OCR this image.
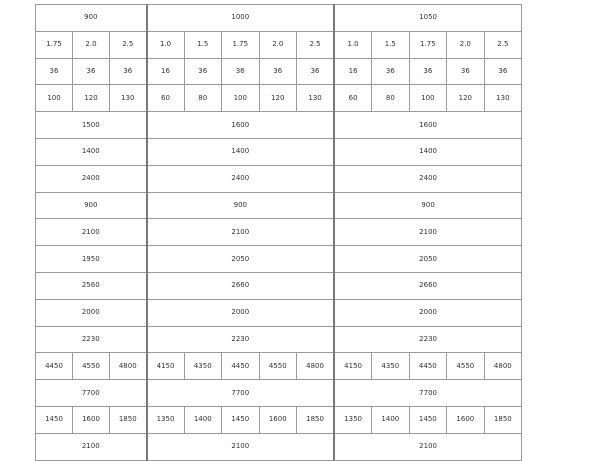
900			1000					1050				
1.75	2.0	2.5	1.0	1.5	1.75	2.0	2.5	1.0	1.5	1.75	2.0	2.5
36	36	36	16	36	36	36	36	16	36	36	36	36
100	120	130	60	80	100	120	130	60	80	100	120	130
1500			1600					1600				
1400			1400					1400				
2400			2400					2400				
900			900					900				
2100			2100					2100				
1950			2050					2050				
2560			2660					2660				
2000			2000					2000				
2230			2230					2230				
4450	4550	4800	4150	4350	4450	4550	4800	4150	4350	4450	4550	4800
7700			7700					7700				
1450	1600	1850	1350	1400	1450	1600	1850	1350	1400	1450	1600	1850
2100			2100					2100				
